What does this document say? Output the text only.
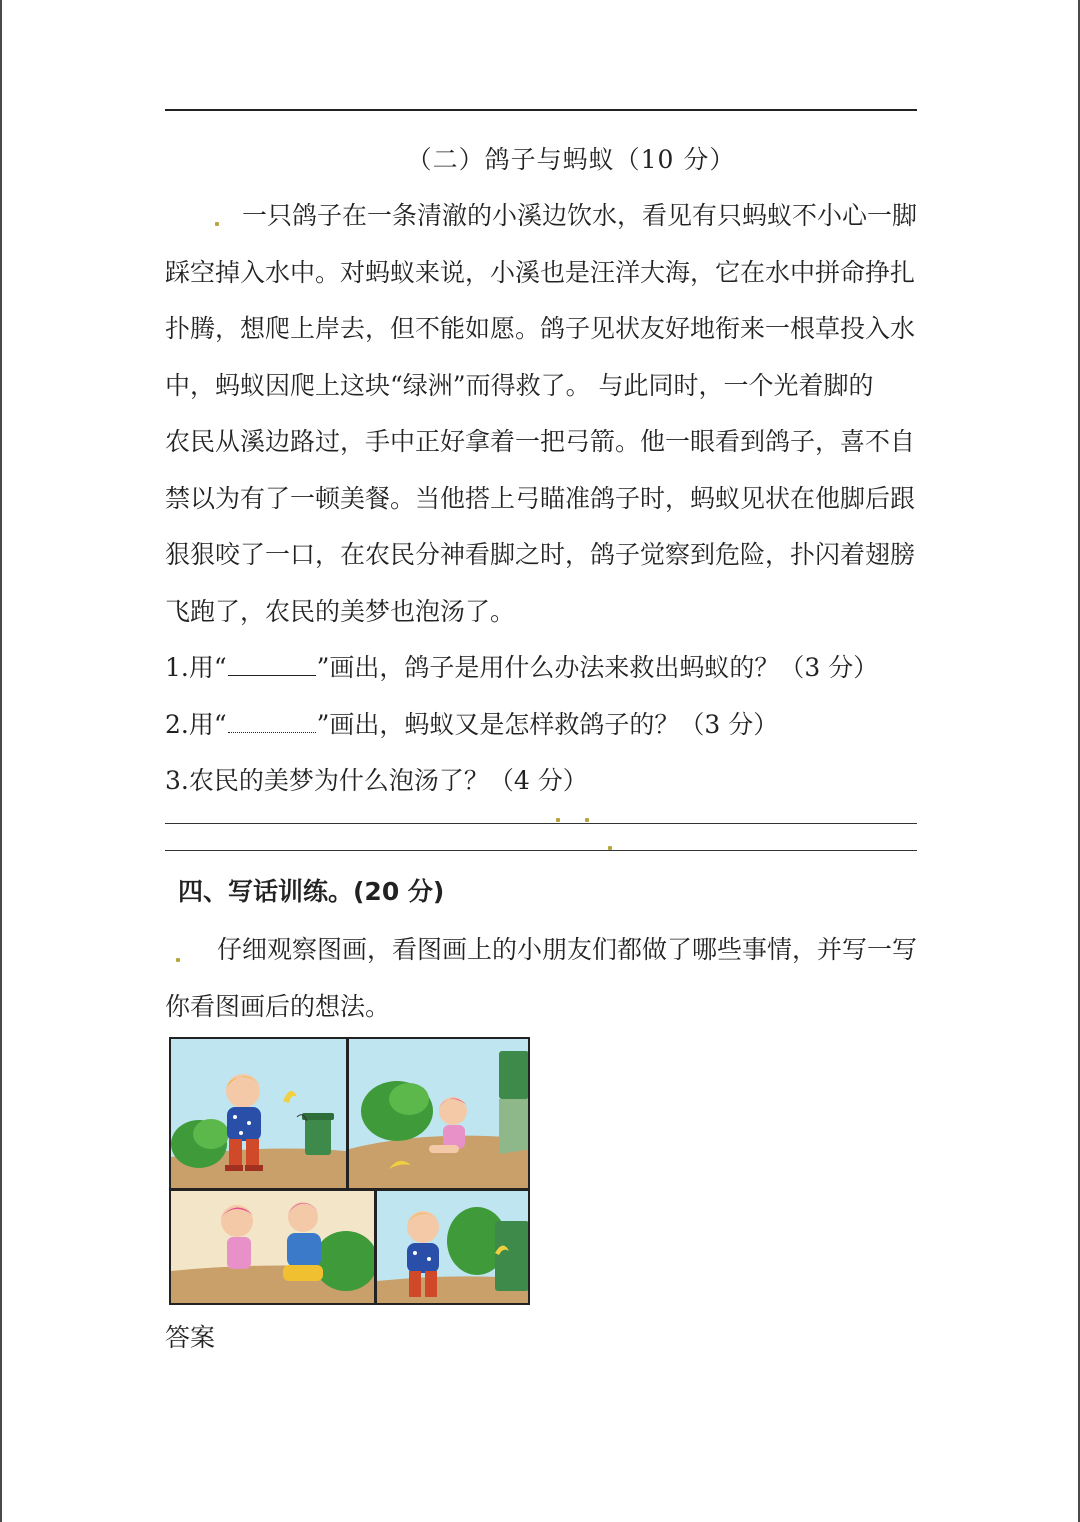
（二）鸽子与蚂蚁（10 分）
一只鸽子在一条清澈的小溪边饮水，看见有只蚂蚁不小心一脚
踩空掉入水中。对蚂蚁来说，小溪也是汪洋大海，它在水中拼命挣扎
扑腾，想爬上岸去，但不能如愿。鸽子见状友好地衔来一根草投入水
中，蚂蚁因爬上这块“绿洲”而得救了。 与此同时，一个光着脚的
农民从溪边路过，手中正好拿着一把弓箭。他一眼看到鸽子，喜不自
禁以为有了一顿美餐。当他搭上弓瞄准鸽子时，蚂蚁见状在他脚后跟
狠狠咬了一口，在农民分神看脚之时，鸽子觉察到危险，扑闪着翅膀
飞跑了，农民的美梦也泡汤了。
1.用“	”画出，鸽子是用什么办法来救出蚂蚁的？（3 分）
2.用“	”画出，蚂蚁又是怎样救鸽子的？（3 分）
3.农民的美梦为什么泡汤了？（4 分）
四、写话训练。(20 分)
仔细观察图画，看图画上的小朋友们都做了哪些事情，并写一写
你看图画后的想法。
答案
